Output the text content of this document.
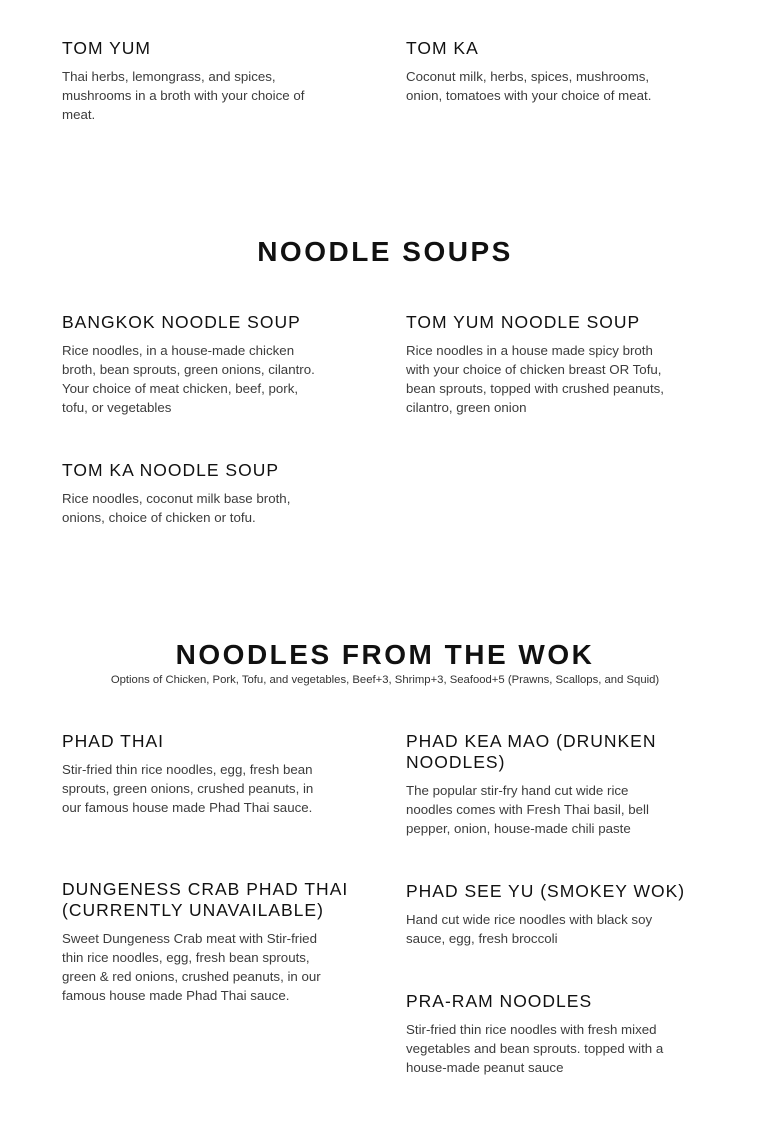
TOM YUM

Thai herbs, lemongrass, and spices, mushrooms in a broth with your choice of meat.

TOM KA

Coconut milk, herbs, spices, mushrooms, onion, tomatoes with your choice of meat.

NOODLE SOUPS
BANGKOK NOODLE SOUP

Rice noodles, in a house-made chicken broth, bean sprouts, green onions, cilantro. Your choice of meat chicken, beef, pork, tofu, or vegetables

TOM YUM NOODLE SOUP

Rice noodles in a house made spicy broth with your choice of chicken breast OR Tofu, bean sprouts, topped with crushed peanuts, cilantro, green onion

TOM KA NOODLE SOUP

Rice noodles, coconut milk base broth, onions, choice of chicken or tofu.

NOODLES FROM THE WOK

Options of Chicken, Pork, Tofu, and vegetables, Beef+3, Shrimp+3, Seafood+5 (Prawns, Scallops, and Squid)

PHAD THAI

Stir-fried thin rice noodles, egg, fresh bean sprouts, green onions, crushed peanuts, in our famous house made Phad Thai sauce.

PHAD KEA MAO (DRUNKEN NOODLES)

The popular stir-fry hand cut wide rice noodles comes with Fresh Thai basil, bell pepper, onion, house-made chili paste

DUNGENESS CRAB PHAD THAI (CURRENTLY UNAVAILABLE)

Sweet Dungeness Crab meat with Stir-fried thin rice noodles, egg, fresh bean sprouts, green & red onions, crushed peanuts, in our famous house made Phad Thai sauce.

PHAD SEE YU (SMOKEY WOK)

Hand cut wide rice noodles with black soy sauce, egg, fresh broccoli

PRA-RAM NOODLES

Stir-fried thin rice noodles with fresh mixed vegetables and bean sprouts. topped with a house-made peanut sauce
